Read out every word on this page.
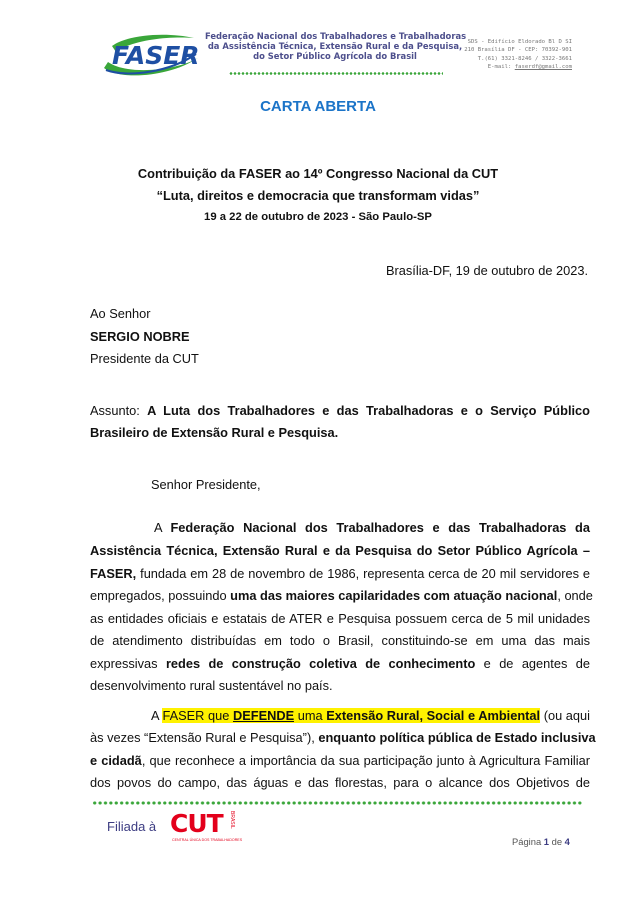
FASER
Federação Nacional dos Trabalhadores e Trabalhadoras
da Assistência Técnica, Extensão Rural e da Pesquisa,
do Setor Público Agrícola do Brasil
SDS - Edifício Eldorado Bl D SI
210 Brasília DF - CEP: 70392-901
T.(61) 3321-8246 / 3322-3661
E-mail: faserdf@gmail.com
CARTA ABERTA
Contribuição da FASER ao 14º Congresso Nacional da CUT
“Luta, direitos e democracia que transformam vidas”
19 a 22 de outubro de 2023 - São Paulo-SP
Brasília-DF, 19 de outubro de 2023.
Ao Senhor
SERGIO NOBRE
Presidente da CUT
Assunto: A Luta dos Trabalhadores e das Trabalhadoras e o Serviço Público
Brasileiro de Extensão Rural e Pesquisa.
Senhor Presidente,
A Federação Nacional dos Trabalhadores e das Trabalhadoras da
Assistência Técnica, Extensão Rural e da Pesquisa do Setor Público Agrícola –
FASER, fundada em 28 de novembro de 1986, representa cerca de 20 mil servidores e
empregados, possuindo uma das maiores capilaridades com atuação nacional, onde
as entidades oficiais e estatais de ATER e Pesquisa possuem cerca de 5 mil unidades
de atendimento distribuídas em todo o Brasil, constituindo-se em uma das mais
expressivas redes de construção coletiva de conhecimento e de agentes de
desenvolvimento rural sustentável no país.
A FASER que DEFENDE uma Extensão Rural, Social e Ambiental (ou aqui
às vezes “Extensão Rural e Pesquisa”), enquanto política pública de Estado inclusiva
e cidadã, que reconhece a importância da sua participação junto à Agricultura Familiar
dos povos do campo, das águas e das florestas, para o alcance dos Objetivos de
Filiada à CUT
CENTRAL ÚNICA DOS TRABALHADORES
BRASIL
Página 1 de 4
